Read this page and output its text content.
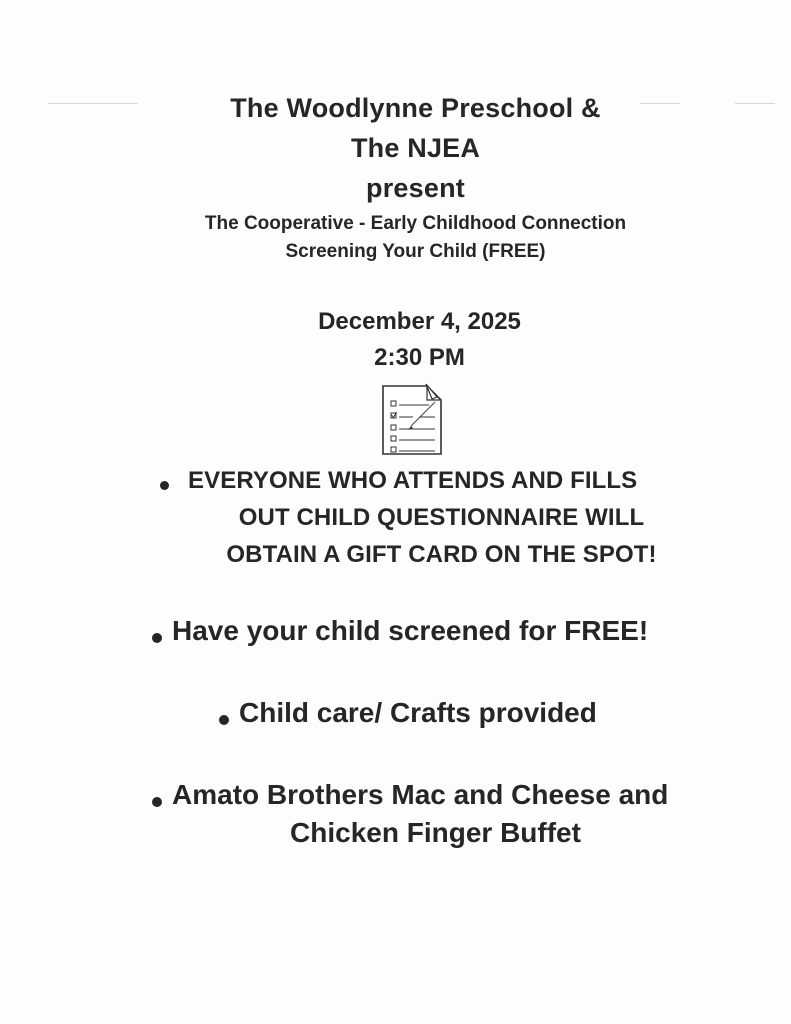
The Woodlynne Preschool &
The NJEA
present
The Cooperative - Early Childhood Connection
Screening Your Child (FREE)
December 4, 2025
2:30 PM
EVERYONE WHO ATTENDS AND FILLS
OUT CHILD QUESTIONNAIRE WILL
OBTAIN A GIFT CARD ON THE SPOT!
Have your child screened for FREE!
Child care/ Crafts provided
Amato Brothers Mac and Cheese and
Chicken Finger Buffet
